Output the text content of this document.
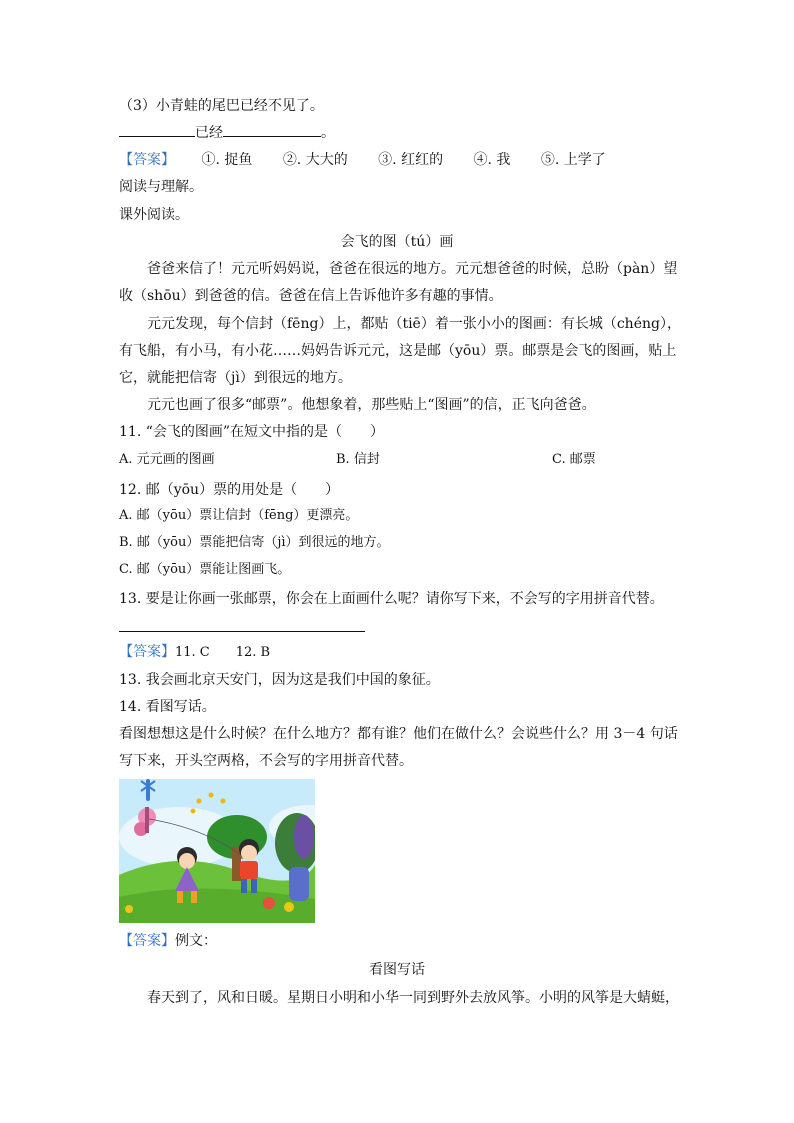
（3）小青蛙的尾巴已经不见了。
已经	。
【答案】 ①. 捉鱼 ②. 大大的 ③. 红红的 ④. 我 ⑤. 上学了
阅读与理解。
课外阅读。
会飞的图（tú）画
爸爸来信了！元元听妈妈说，爸爸在很远的地方。元元想爸爸的时候，总盼（pàn）望
收（shōu）到爸爸的信。爸爸在信上告诉他许多有趣的事情。
元元发现，每个信封（fēng）上，都贴（tiē）着一张小小的图画：有长城（chéng），
有飞船，有小马，有小花……妈妈告诉元元，这是邮（yōu）票。邮票是会飞的图画，贴上
它，就能把信寄（jì）到很远的地方。
元元也画了很多“邮票”。他想象着，那些贴上“图画”的信，正飞向爸爸。
11. “会飞的图画”在短文中指的是（　　）
A. 元元画的图画	B. 信封	C. 邮票
12. 邮（yōu）票的用处是（　　）
A. 邮（yōu）票让信封（fēng）更漂亮。
B. 邮（yōu）票能把信寄（jì）到很远的地方。
C. 邮（yōu）票能让图画飞。
13. 要是让你画一张邮票，你会在上面画什么呢？请你写下来，不会写的字用拼音代替。
【答案】11. C　　12. B
13. 我会画北京天安门，因为这是我们中国的象征。
14. 看图写话。
看图想想这是什么时候？在什么地方？都有谁？他们在做什么？会说些什么？用 3－4 句话
写下来，开头空两格，不会写的字用拼音代替。
【答案】例文：
看图写话
春天到了，风和日暖。星期日小明和小华一同到野外去放风筝。小明的风筝是大蜻蜓，
